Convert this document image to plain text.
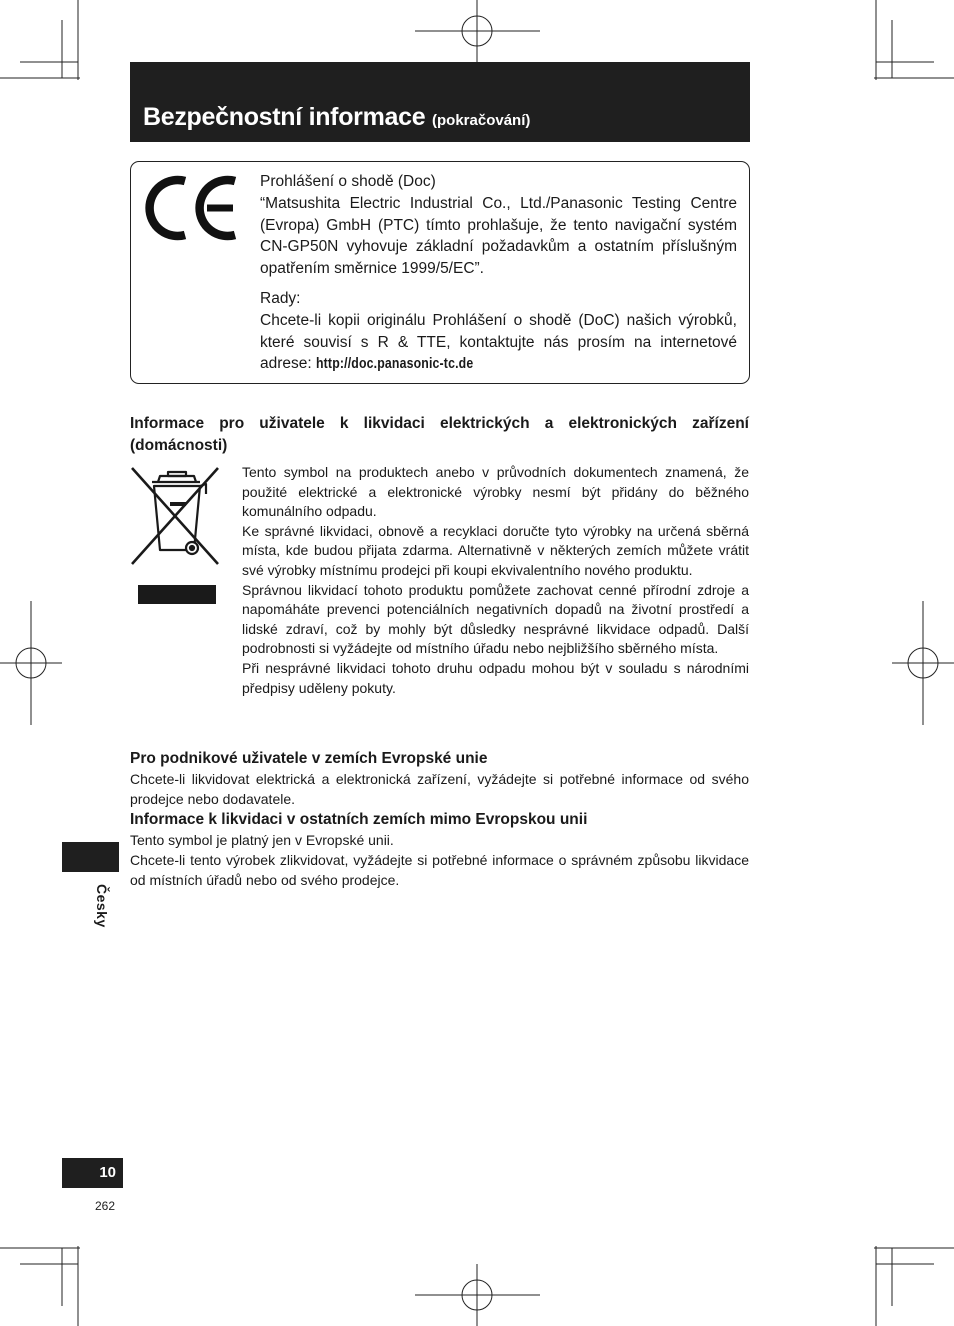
Bezpečnostní informace (pokračování)

Prohlášení o shodě (Doc)

“Matsushita Electric Industrial Co., Ltd./Panasonic Testing Centre (Evropa) GmbH (PTC) tímto prohlašuje, že tento navigační systém CN-GP50N vyhovuje základní požadavkům a ostatním příslušným opatřením směrnice 1999/5/EC”.

Rady:

Chcete-li kopii originálu Prohlášení o shodě (DoC) našich výrobků, které souvisí s R & TTE, kontaktujte nás prosím na internetové adrese: http://doc.panasonic-tc.de

Informace pro uživatele k likvidaci elektrických a elektronických zařízení (domácnosti)

Tento symbol na produktech anebo v průvodních dokumentech znamená, že použité elektrické a elektronické výrobky nesmí být přidány do běžného komunálního odpadu.

Ke správné likvidaci, obnově a recyklaci doručte tyto výrobky na určená sběrná místa, kde budou přijata zdarma. Alternativně v některých zemích můžete vrátit své výrobky místnímu prodejci při koupi ekvivalentního nového produktu.

Správnou likvidací tohoto produktu pomůžete zachovat cenné přírodní zdroje a napomáháte prevenci potenciálních negativních dopadů na životní prostředí a lidské zdraví, což by mohly být důsledky nesprávné likvidace odpadů. Další podrobnosti si vyžádejte od místního úřadu nebo nejbližšího sběrného místa.

Při nesprávné likvidaci tohoto druhu odpadu mohou být v souladu s národními předpisy uděleny pokuty.

Pro podnikové uživatele v zemích Evropské unie

Chcete-li likvidovat elektrická a elektronická zařízení, vyžádejte si potřebné informace od svého prodejce nebo dodavatele.

Informace k likvidaci v ostatních zemích mimo Evropskou unii

Tento symbol je platný jen v Evropské unii.

Chcete-li tento výrobek zlikvidovat, vyžádejte si potřebné informace o správném způsobu likvidace od místních úřadů nebo od svého prodejce.

Česky
10
262
